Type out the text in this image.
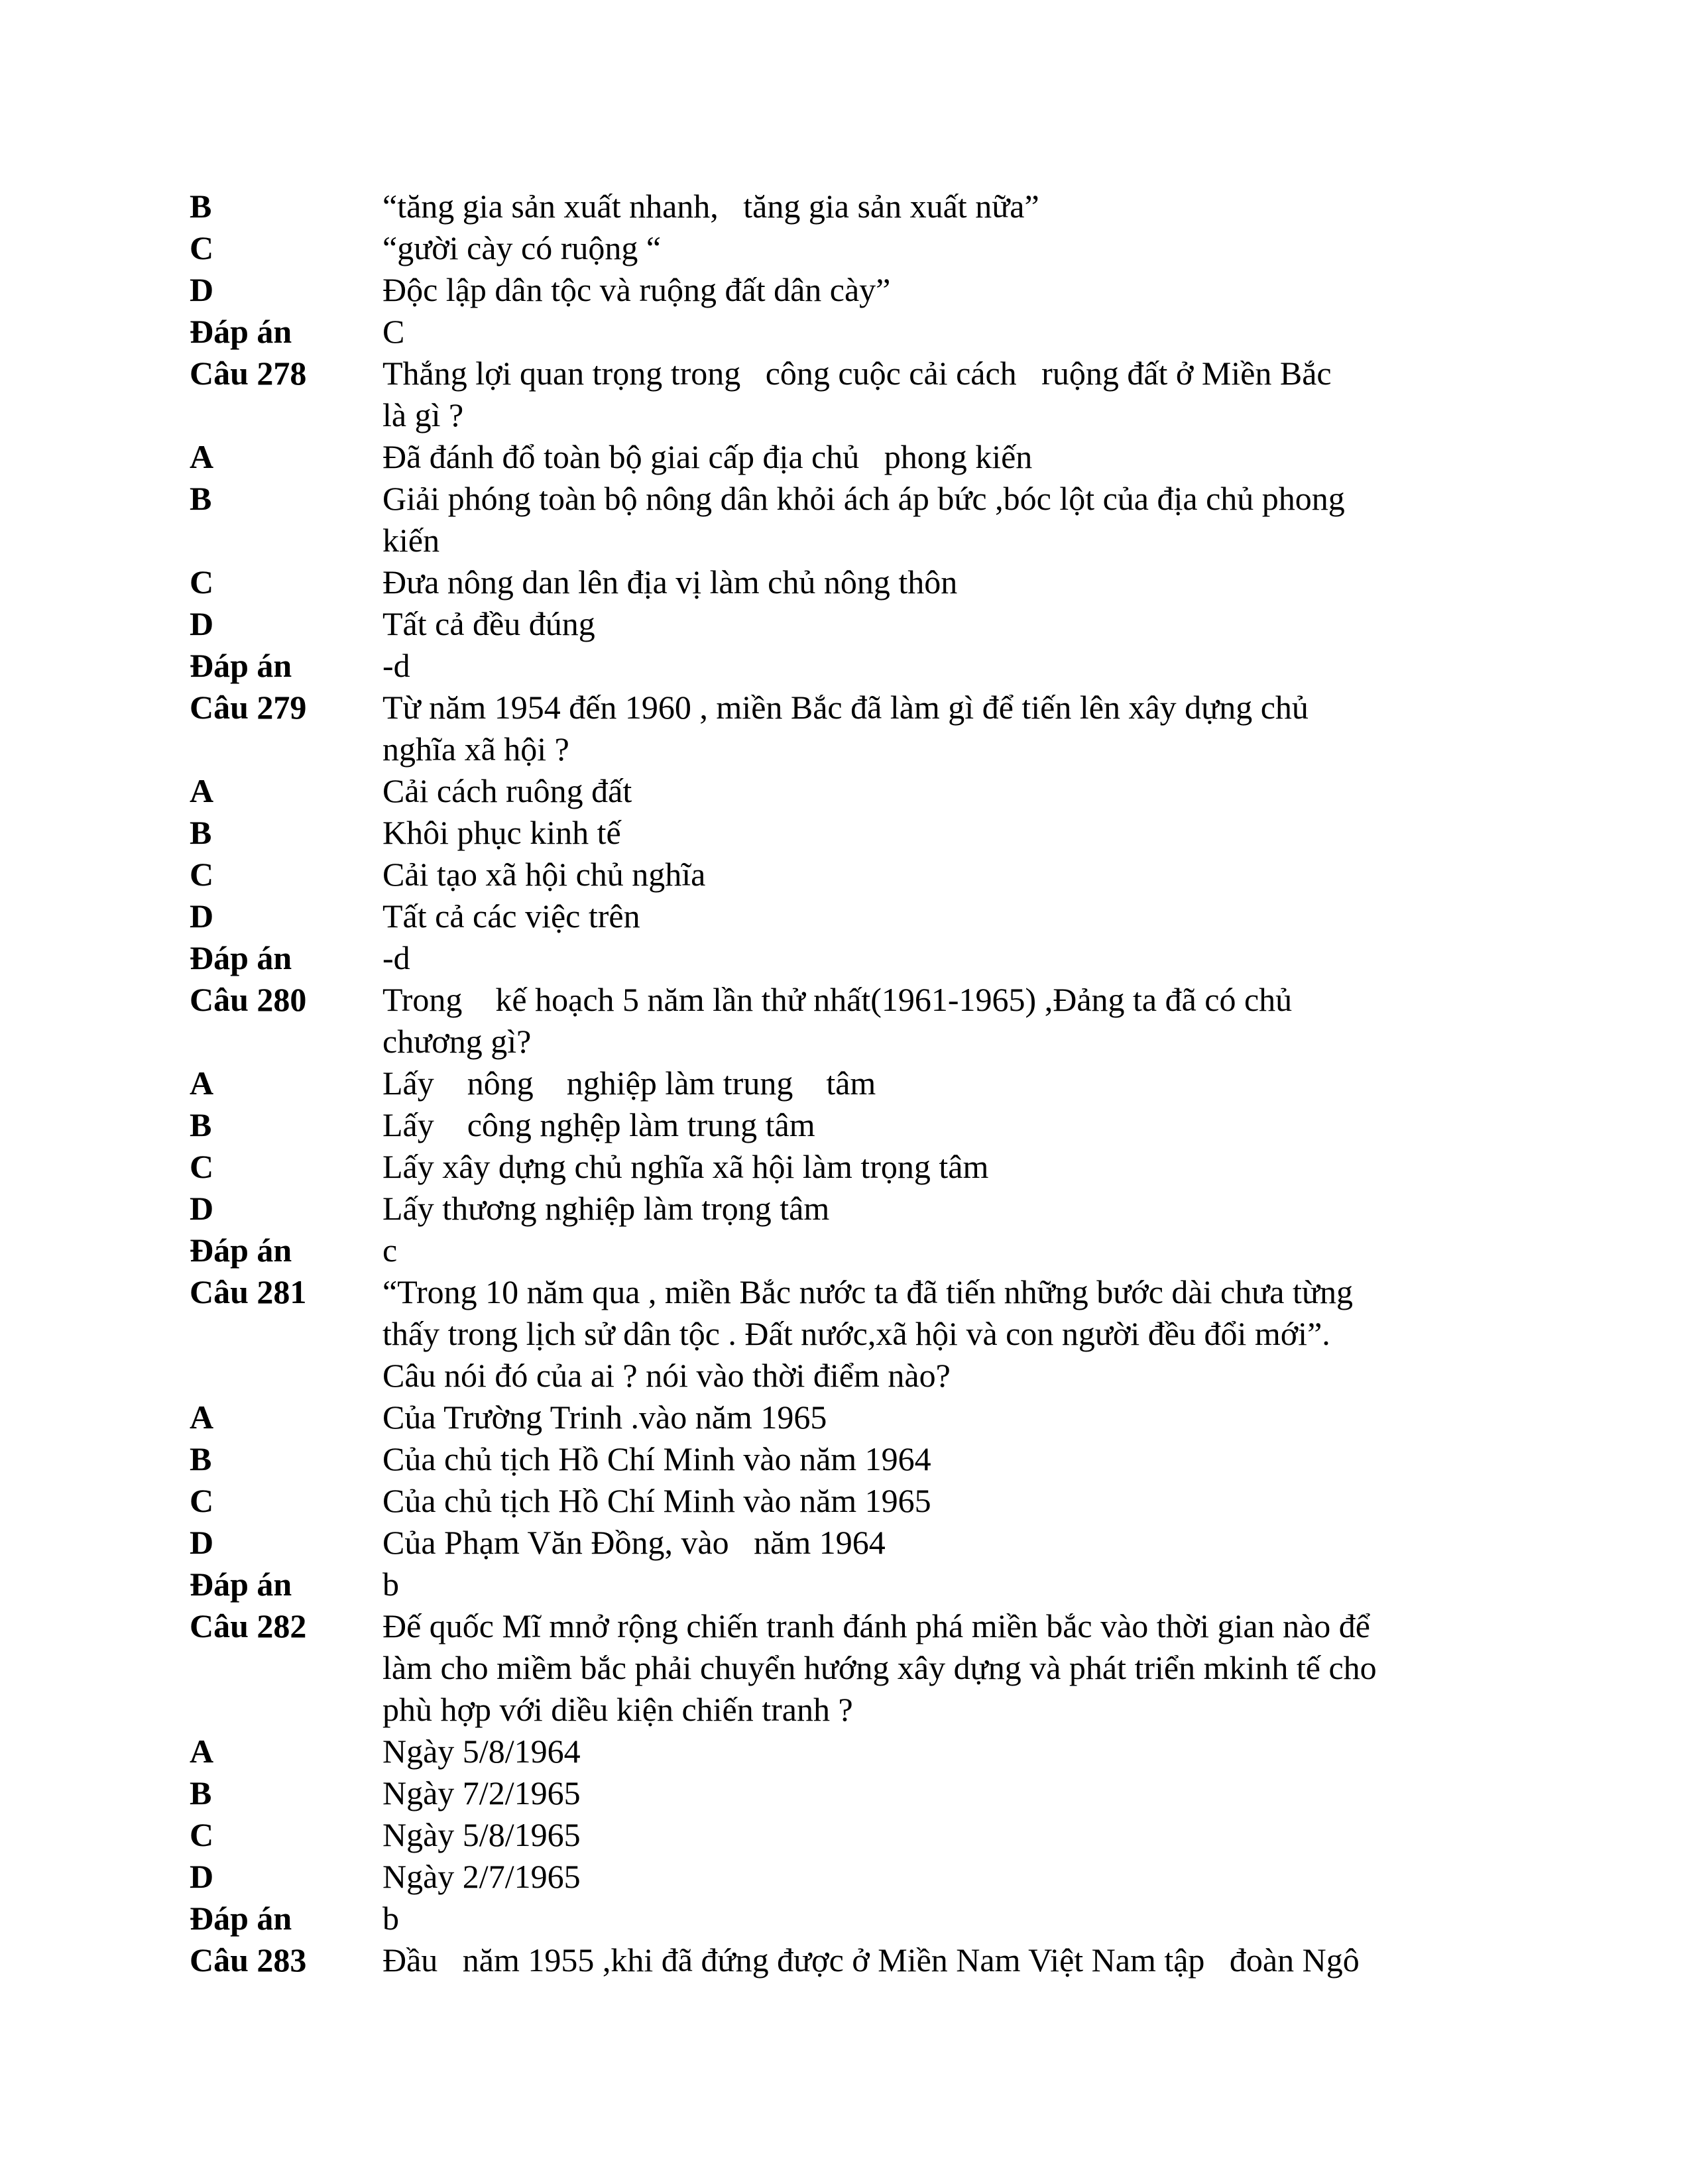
B	“tăng gia sản xuất nhanh,   tăng gia sản xuất nữa”
C	“gười cày có ruộng “
D	Độc lập dân tộc và ruộng đất dân cày”
Đáp án	C
Câu 278	Thắng lợi quan trọng trong   công cuộc cải cách   ruộng đất ở Miền Bắc
là gì ?
A	Đã đánh đổ toàn bộ giai cấp địa chủ   phong kiến
B	Giải phóng toàn bộ nông dân khỏi ách áp bức ,bóc lột của địa chủ phong
kiến
C	Đưa nông dan lên địa vị làm chủ nông thôn
D	Tất cả đều đúng
Đáp án	-d
Câu 279	Từ năm 1954 đến 1960 , miền Bắc đã làm gì để tiến lên xây dựng chủ
nghĩa xã hội ?
A	Cải cách ruông đất
B	Khôi phục kinh tế
C	Cải tạo xã hội chủ nghĩa
D	Tất cả các việc trên
Đáp án	-d
Câu 280	Trong    kế hoạch 5 năm lần thử nhất(1961-1965) ,Đảng ta đã có chủ
chương gì?
A	Lấy    nông    nghiệp làm trung    tâm
B	Lấy    công nghệp làm trung tâm
C	Lấy xây dựng chủ nghĩa xã hội làm trọng tâm
D	Lấy thương nghiệp làm trọng tâm
Đáp án	c
Câu 281	“Trong 10 năm qua , miền Bắc nước ta đã tiến những bước dài chưa từng
thấy trong lịch sử dân tộc . Đất nước,xã hội và con người đều đổi mới”.
Câu nói đó của ai ? nói vào thời điểm nào?
A	Của Trường Trinh .vào năm 1965
B	Của chủ tịch Hồ Chí Minh vào năm 1964
C	Của chủ tịch Hồ Chí Minh vào năm 1965
D	Của Phạm Văn Đồng, vào   năm 1964
Đáp án	b
Câu 282	Đế quốc Mĩ mnở rộng chiến tranh đánh phá miền bắc vào thời gian nào để
làm cho miềm bắc phải chuyển hướng xây dựng và phát triển mkinh tế cho
phù hợp với diều kiện chiến tranh ?
A	Ngày 5/8/1964
B	Ngày 7/2/1965
C	Ngày 5/8/1965
D	Ngày 2/7/1965
Đáp án	b
Câu 283	Đầu   năm 1955 ,khi đã đứng được ở Miền Nam Việt Nam tập   đoàn Ngô
